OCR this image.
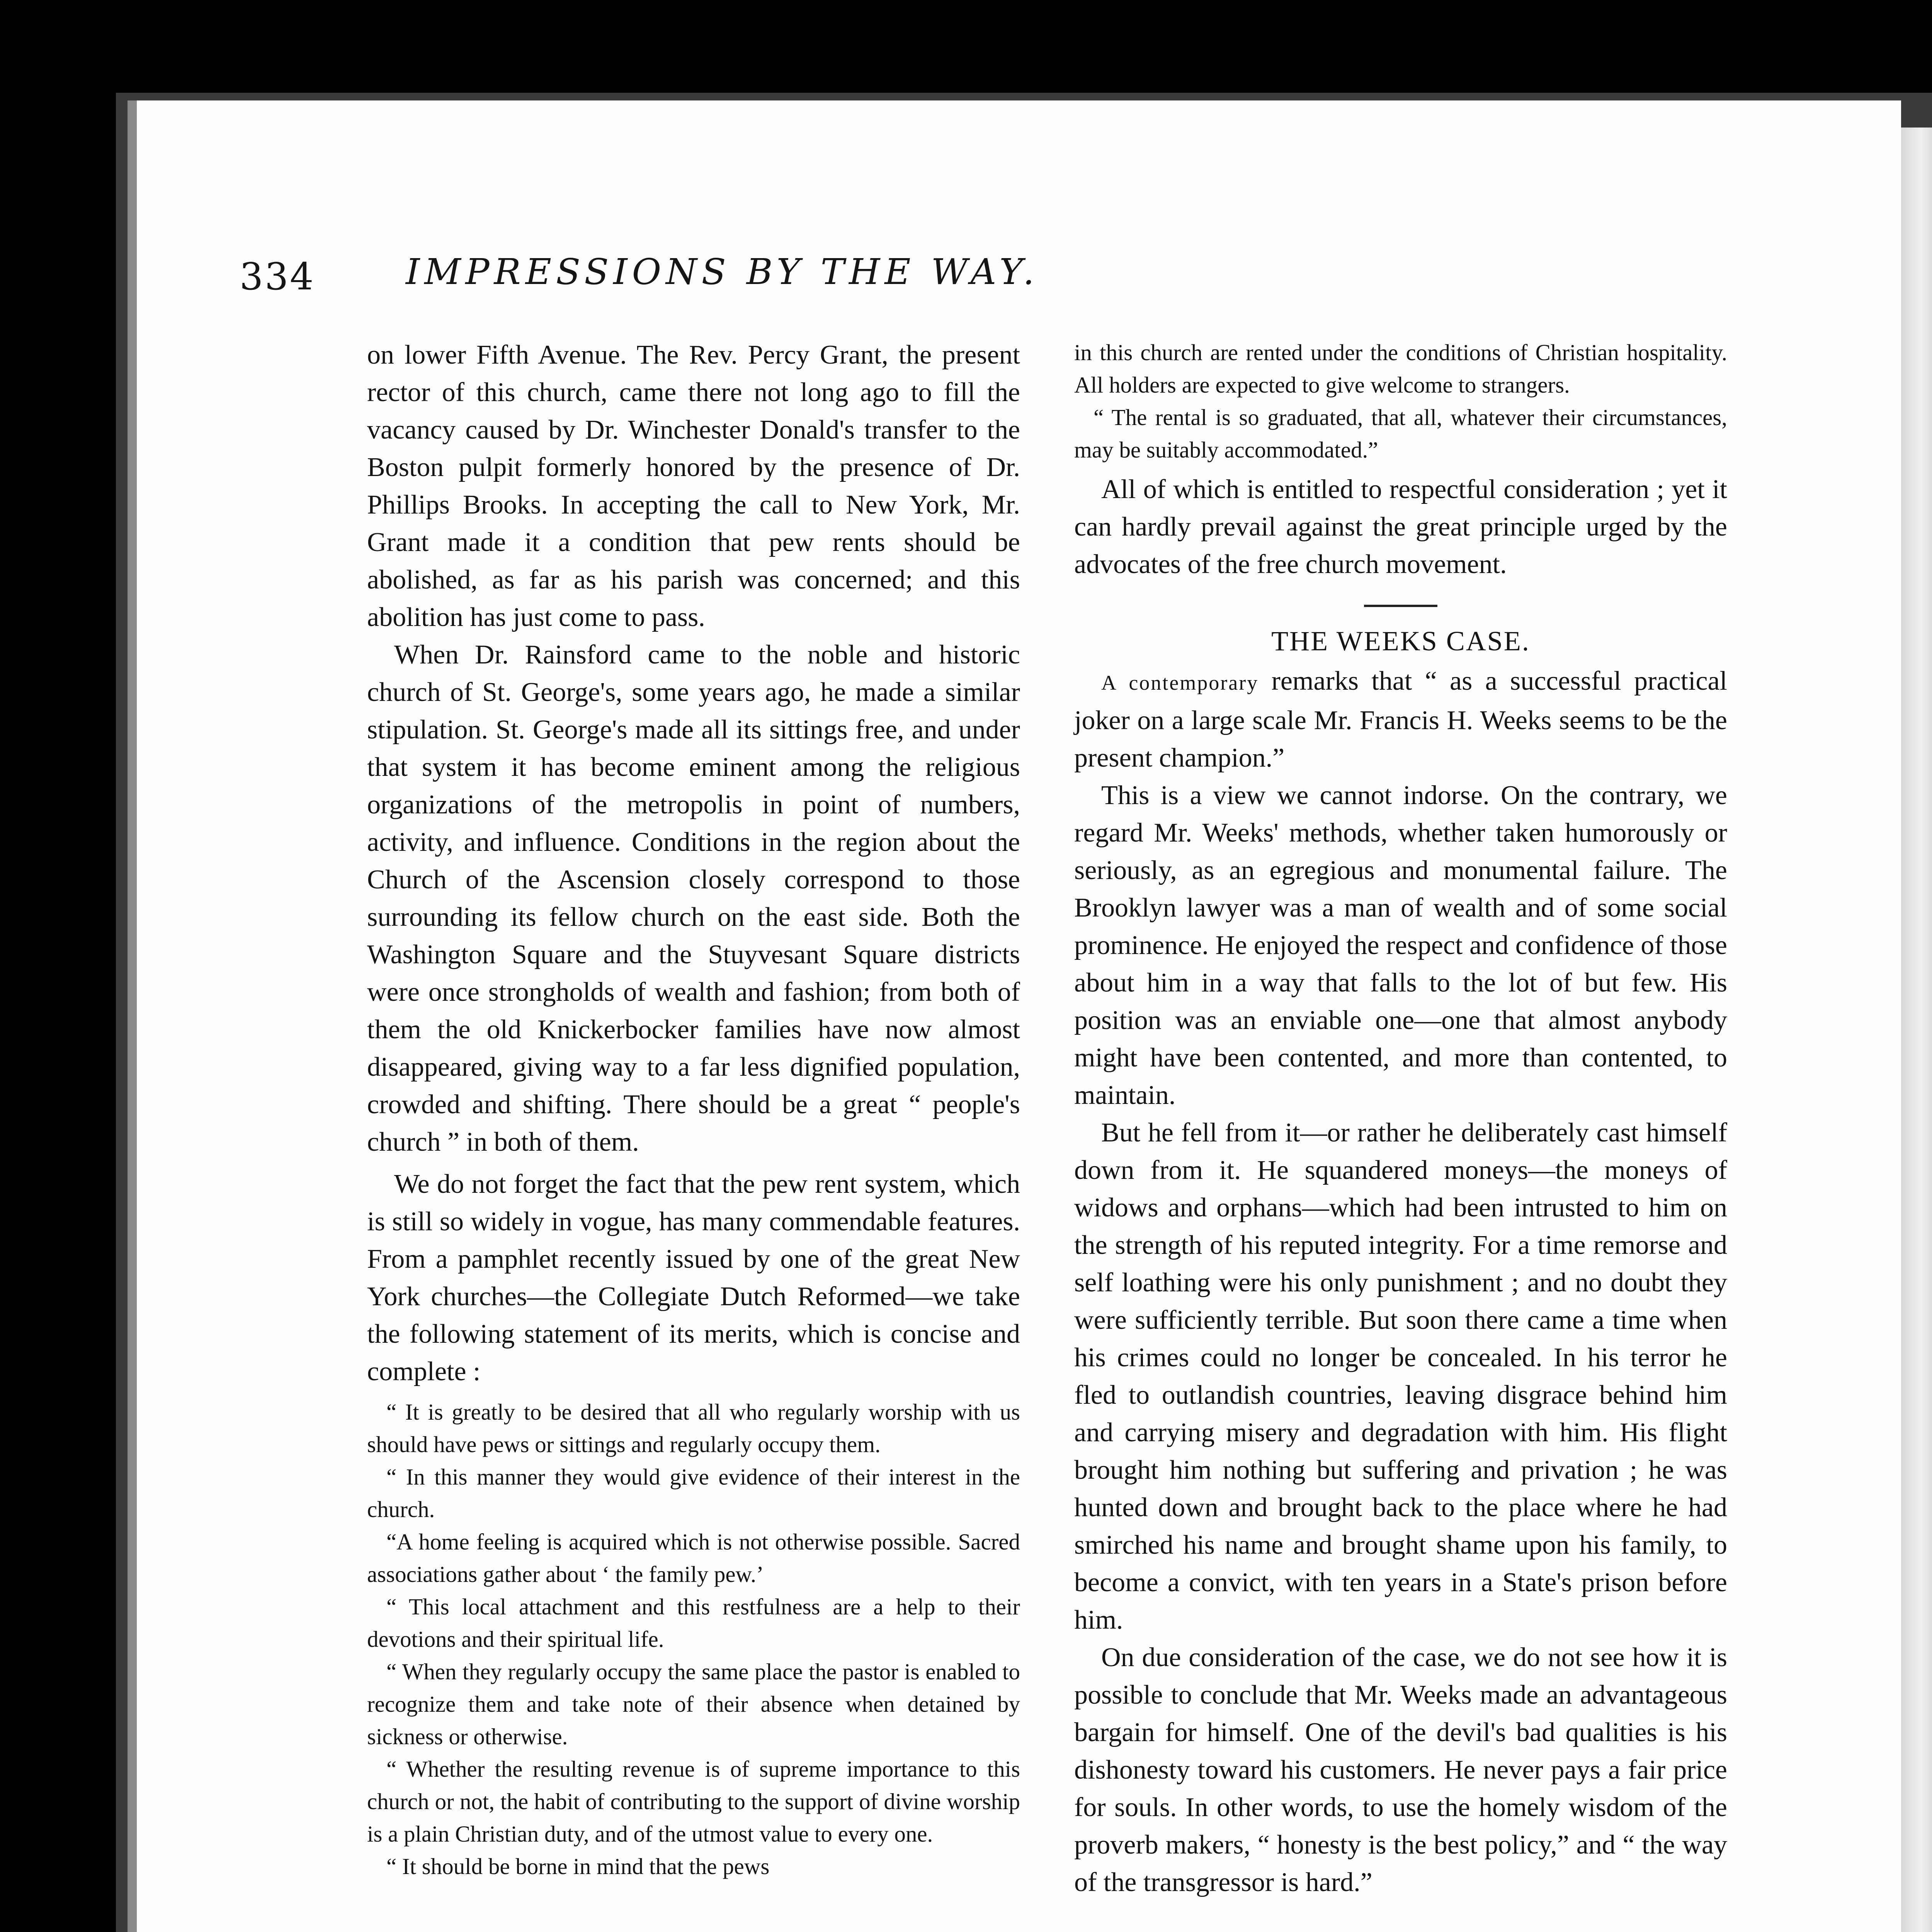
334	IMPRESSIONS BY THE WAY.

on lower Fifth Avenue. The Rev. Percy Grant, the present rector of this church, came there not long ago to fill the vacancy caused by Dr. Winchester Donald's transfer to the Boston pulpit formerly honored by the presence of Dr. Phillips Brooks. In accepting the call to New York, Mr. Grant made it a condition that pew rents should be abolished, as far as his parish was concerned; and this abolition has just come to pass.

When Dr. Rainsford came to the noble and historic church of St. George's, some years ago, he made a similar stipulation. St. George's made all its sittings free, and under that system it has become eminent among the religious organizations of the metropolis in point of numbers, activity, and influence. Conditions in the region about the Church of the Ascension closely correspond to those surrounding its fellow church on the east side. Both the Washington Square and the Stuyvesant Square districts were once strongholds of wealth and fashion; from both of them the old Knickerbocker families have now almost disappeared, giving way to a far less dignified population, crowded and shifting. There should be a great “ people's church ” in both of them.

We do not forget the fact that the pew rent system, which is still so widely in vogue, has many commendable features. From a pamphlet recently issued by one of the great New York churches—the Collegiate Dutch Reformed—we take the following statement of its merits, which is concise and complete :

“ It is greatly to be desired that all who regularly worship with us should have pews or sittings and regularly occupy them.

“ In this manner they would give evidence of their interest in the church.

“A home feeling is acquired which is not otherwise possible. Sacred associations gather about ‘ the family pew.’

“ This local attachment and this restfulness are a help to their devotions and their spiritual life.

“ When they regularly occupy the same place the pastor is enabled to recognize them and take note of their absence when detained by sickness or otherwise.

“ Whether the resulting revenue is of supreme importance to this church or not, the habit of contributing to the support of divine worship is a plain Christian duty, and of the utmost value to every one.

“ It should be borne in mind that the pews

in this church are rented under the conditions of Christian hospitality. All holders are expected to give welcome to strangers.

“ The rental is so graduated, that all, whatever their circumstances, may be suitably accommodated.”

All of which is entitled to respectful consideration ; yet it can hardly prevail against the great principle urged by the advocates of the free church movement.

THE WEEKS CASE.

A contemporary remarks that “ as a successful practical joker on a large scale Mr. Francis H. Weeks seems to be the present champion.”

This is a view we cannot indorse. On the contrary, we regard Mr. Weeks' methods, whether taken humorously or seriously, as an egregious and monumental failure. The Brooklyn lawyer was a man of wealth and of some social prominence. He enjoyed the respect and confidence of those about him in a way that falls to the lot of but few. His position was an enviable one—one that almost anybody might have been contented, and more than contented, to maintain.

But he fell from it—or rather he deliberately cast himself down from it. He squandered moneys—the moneys of widows and orphans—which had been intrusted to him on the strength of his reputed integrity. For a time remorse and self loathing were his only punishment ; and no doubt they were sufficiently terrible. But soon there came a time when his crimes could no longer be concealed. In his terror he fled to outlandish countries, leaving disgrace behind him and carrying misery and degradation with him. His flight brought him nothing but suffering and privation ; he was hunted down and brought back to the place where he had smirched his name and brought shame upon his family, to become a convict, with ten years in a State's prison before him.

On due consideration of the case, we do not see how it is possible to conclude that Mr. Weeks made an advantageous bargain for himself. One of the devil's bad qualities is his dishonesty toward his customers. He never pays a fair price for souls. In other words, to use the homely wisdom of the proverb makers, “ honesty is the best policy,” and “ the way of the transgressor is hard.”
